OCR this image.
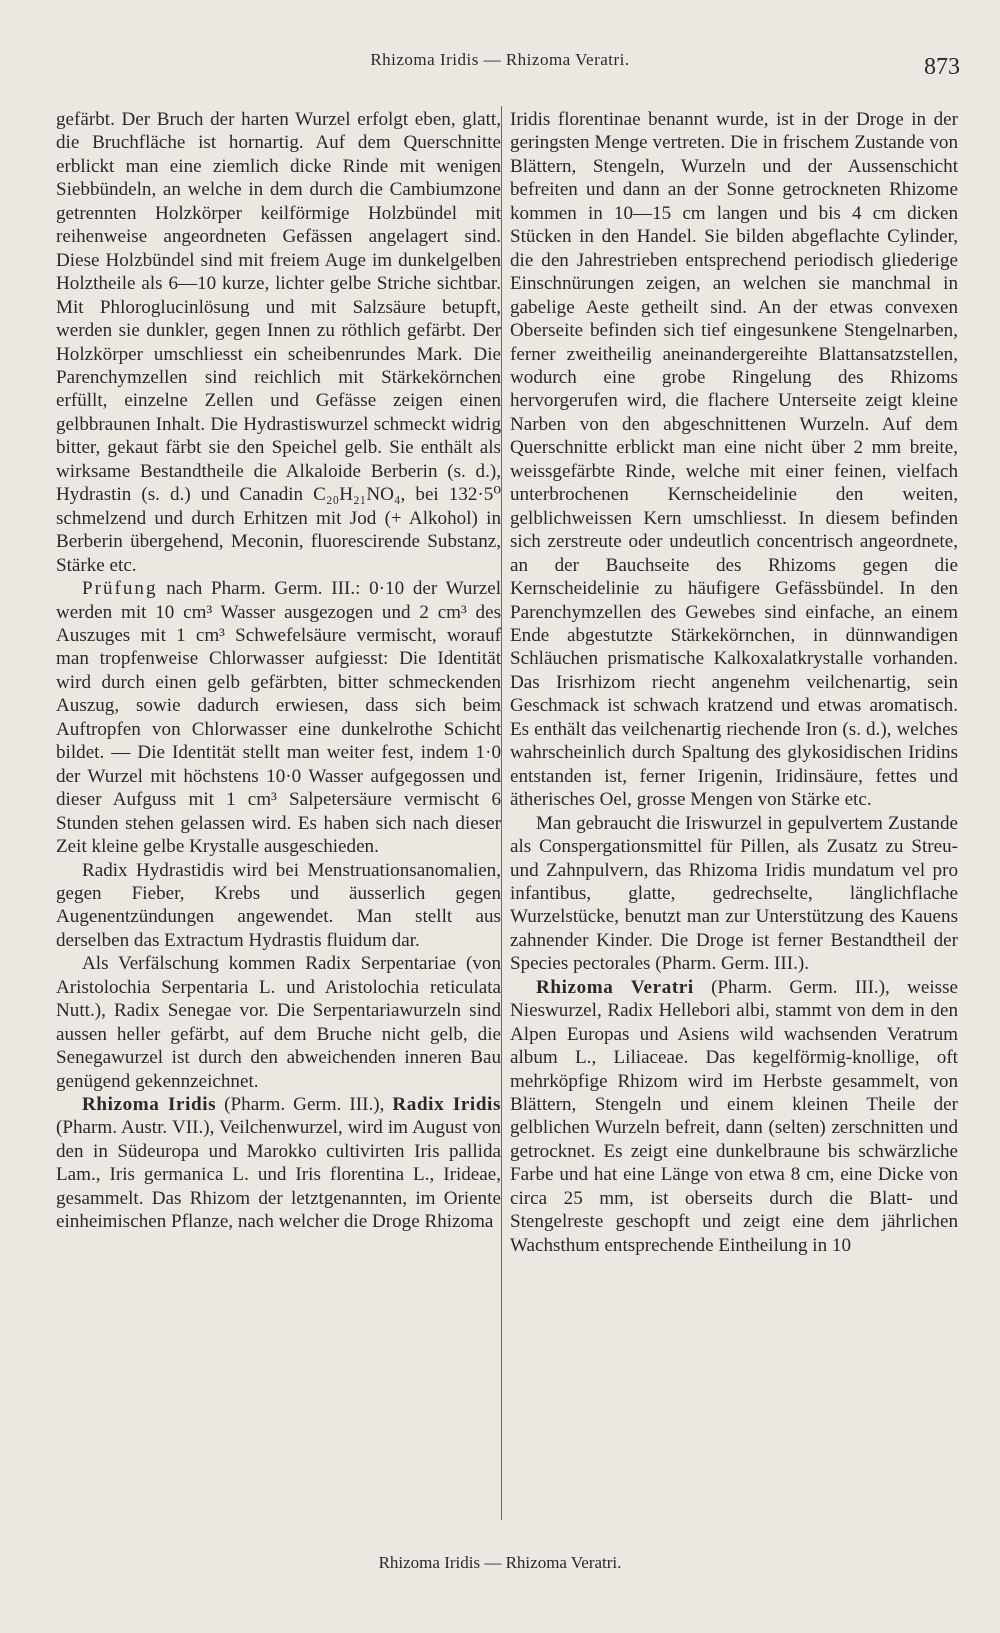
Rhizoma Iridis — Rhizoma Veratri.	873

gefärbt. Der Bruch der harten Wurzel erfolgt eben, glatt, die Bruchfläche ist hornartig. Auf dem Querschnitte erblickt man eine ziemlich dicke Rinde mit wenigen Siebbündeln, an welche in dem durch die Cambiumzone getrennten Holzkörper keilförmige Holzbündel mit reihenweise angeordneten Gefässen angelagert sind. Diese Holzbündel sind mit freiem Auge im dunkelgelben Holztheile als 6—10 kurze, lichter gelbe Striche sichtbar. Mit Phloroglucinlösung und mit Salzsäure betupft, werden sie dunkler, gegen Innen zu röthlich gefärbt. Der Holzkörper umschliesst ein scheibenrundes Mark. Die Parenchymzellen sind reichlich mit Stärkekörnchen erfüllt, einzelne Zellen und Gefässe zeigen einen gelbbraunen Inhalt. Die Hydrastiswurzel schmeckt widrig bitter, gekaut färbt sie den Speichel gelb. Sie enthält als wirksame Bestandtheile die Alkaloide Berberin (s. d.), Hydrastin (s. d.) und Canadin C₂₀H₂₁NO₄, bei 132·5⁰ schmelzend und durch Erhitzen mit Jod (+ Alkohol) in Berberin übergehend, Meconin, fluorescirende Substanz, Stärke etc.

Prüfung nach Pharm. Germ. III.: 0·10 der Wurzel werden mit 10 cm³ Wasser ausgezogen und 2 cm³ des Auszuges mit 1 cm³ Schwefelsäure vermischt, worauf man tropfenweise Chlorwasser aufgiesst: Die Identität wird durch einen gelb gefärbten, bitter schmeckenden Auszug, sowie dadurch erwiesen, dass sich beim Auftropfen von Chlorwasser eine dunkelrothe Schicht bildet. — Die Identität stellt man weiter fest, indem 1·0 der Wurzel mit höchstens 10·0 Wasser aufgegossen und dieser Aufguss mit 1 cm³ Salpetersäure vermischt 6 Stunden stehen gelassen wird. Es haben sich nach dieser Zeit kleine gelbe Krystalle ausgeschieden.

Radix Hydrastidis wird bei Menstruationsanomalien, gegen Fieber, Krebs und äusserlich gegen Augenentzündungen angewendet. Man stellt aus derselben das Extractum Hydrastis fluidum dar.

Als Verfälschung kommen Radix Serpentariae (von Aristolochia Serpentaria L. und Aristolochia reticulata Nutt.), Radix Senegae vor. Die Serpentariawurzeln sind aussen heller gefärbt, auf dem Bruche nicht gelb, die Senegawurzel ist durch den abweichenden inneren Bau genügend gekennzeichnet.

Rhizoma Iridis (Pharm. Germ. III.), Radix Iridis (Pharm. Austr. VII.), Veilchenwurzel, wird im August von den in Südeuropa und Marokko cultivirten Iris pallida Lam., Iris germanica L. und Iris florentina L., Irideae, gesammelt. Das Rhizom der letztgenannten, im Oriente einheimischen Pflanze, nach welcher die Droge Rhizoma

Iridis florentinae benannt wurde, ist in der Droge in der geringsten Menge vertreten. Die in frischem Zustande von Blättern, Stengeln, Wurzeln und der Aussenschicht befreiten und dann an der Sonne getrockneten Rhizome kommen in 10—15 cm langen und bis 4 cm dicken Stücken in den Handel. Sie bilden abgeflachte Cylinder, die den Jahrestrieben entsprechend periodisch gliederige Einschnürungen zeigen, an welchen sie manchmal in gabelige Aeste getheilt sind. An der etwas convexen Oberseite befinden sich tief eingesunkene Stengelnarben, ferner zweitheilig aneinandergereihte Blattansatzstellen, wodurch eine grobe Ringelung des Rhizoms hervorgerufen wird, die flachere Unterseite zeigt kleine Narben von den abgeschnittenen Wurzeln. Auf dem Querschnitte erblickt man eine nicht über 2 mm breite, weissgefärbte Rinde, welche mit einer feinen, vielfach unterbrochenen Kernscheidelinie den weiten, gelblichweissen Kern umschliesst. In diesem befinden sich zerstreute oder undeutlich concentrisch angeordnete, an der Bauchseite des Rhizoms gegen die Kernscheidelinie zu häufigere Gefässbündel. In den Parenchymzellen des Gewebes sind einfache, an einem Ende abgestutzte Stärkekörnchen, in dünnwandigen Schläuchen prismatische Kalkoxalatkrystalle vorhanden. Das Irisrhizom riecht angenehm veilchenartig, sein Geschmack ist schwach kratzend und etwas aromatisch. Es enthält das veilchenartig riechende Iron (s. d.), welches wahrscheinlich durch Spaltung des glykosidischen Iridins entstanden ist, ferner Irigenin, Iridinsäure, fettes und ätherisches Oel, grosse Mengen von Stärke etc.

Man gebraucht die Iriswurzel in gepulvertem Zustande als Conspergationsmittel für Pillen, als Zusatz zu Streu- und Zahnpulvern, das Rhizoma Iridis mundatum vel pro infantibus, glatte, gedrechselte, länglichflache Wurzelstücke, benutzt man zur Unterstützung des Kauens zahnender Kinder. Die Droge ist ferner Bestandtheil der Species pectorales (Pharm. Germ. III.).

Rhizoma Veratri (Pharm. Germ. III.), weisse Nieswurzel, Radix Hellebori albi, stammt von dem in den Alpen Europas und Asiens wild wachsenden Veratrum album L., Liliaceae. Das kegelförmig-knollige, oft mehrköpfige Rhizom wird im Herbste gesammelt, von Blättern, Stengeln und einem kleinen Theile der gelblichen Wurzeln befreit, dann (selten) zerschnitten und getrocknet. Es zeigt eine dunkelbraune bis schwärzliche Farbe und hat eine Länge von etwa 8 cm, eine Dicke von circa 25 mm, ist oberseits durch die Blatt- und Stengelreste geschopft und zeigt eine dem jährlichen Wachsthum entsprechende Eintheilung in 10

Rhizoma Iridis — Rhizoma Veratri.
